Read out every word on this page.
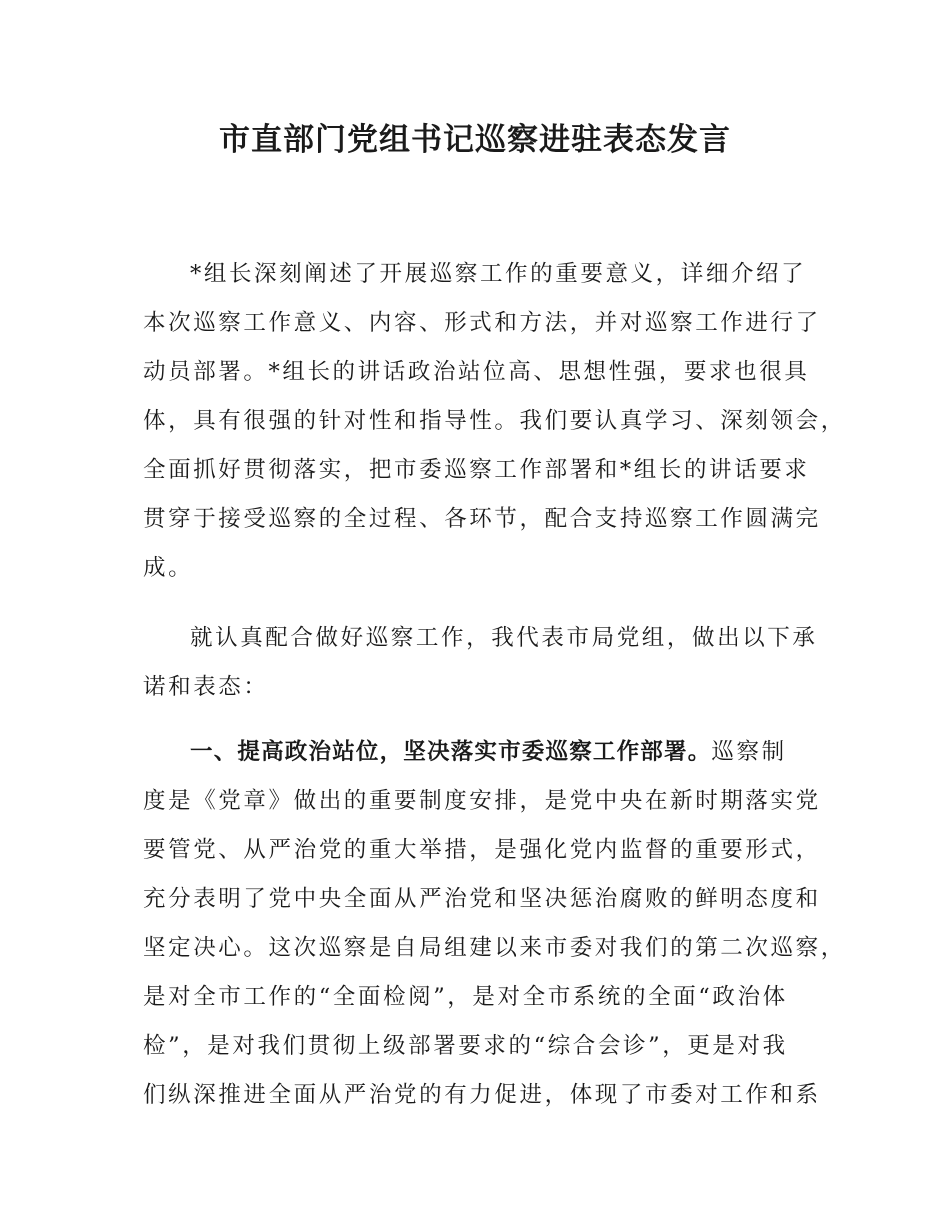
市直部门党组书记巡察进驻表态发言
*组长深刻阐述了开展巡察工作的重要意义，详细介绍了
本次巡察工作意义、内容、形式和方法，并对巡察工作进行了
动员部署。*组长的讲话政治站位高、思想性强，要求也很具
体，具有很强的针对性和指导性。我们要认真学习、深刻领会，
全面抓好贯彻落实，把市委巡察工作部署和*组长的讲话要求
贯穿于接受巡察的全过程、各环节，配合支持巡察工作圆满完
成。
就认真配合做好巡察工作，我代表市局党组，做出以下承
诺和表态：
一、提高政治站位，坚决落实市委巡察工作部署。巡察制
度是《党章》做出的重要制度安排，是党中央在新时期落实党
要管党、从严治党的重大举措，是强化党内监督的重要形式，
充分表明了党中央全面从严治党和坚决惩治腐败的鲜明态度和
坚定决心。这次巡察是自局组建以来市委对我们的第二次巡察，
是对全市工作的“全面检阅”，是对全市系统的全面“政治体
检”，是对我们贯彻上级部署要求的“综合会诊”，更是对我
们纵深推进全面从严治党的有力促进，体现了市委对工作和系
